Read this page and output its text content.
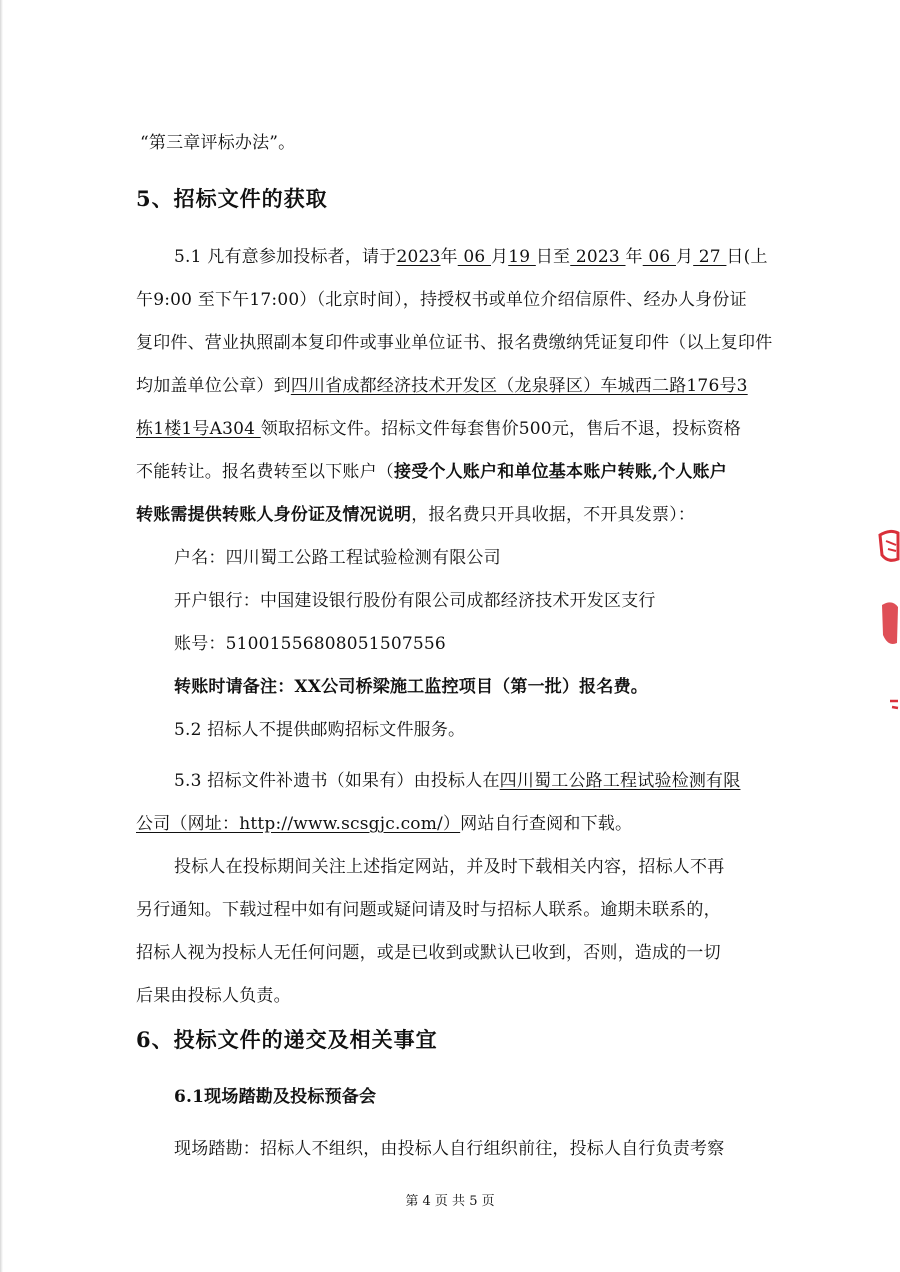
“第三章评标办法”。
5、招标文件的获取
5.1 凡有意参加投标者，请于2023年 06 月19 日至 2023 年 06 月 27 日(上
午9:00 至下午17:00）（北京时间），持授权书或单位介绍信原件、经办人身份证
复印件、营业执照副本复印件或事业单位证书、报名费缴纳凭证复印件（以上复印件
均加盖单位公章）到四川省成都经济技术开发区（龙泉驿区）车城西二路176号3
栋1楼1号A304 领取招标文件。招标文件每套售价500元，售后不退，投标资格
不能转让。报名费转至以下账户（接受个人账户和单位基本账户转账,个人账户
转账需提供转账人身份证及情况说明，报名费只开具收据，不开具发票）：
户名：四川蜀工公路工程试验检测有限公司
开户银行：中国建设银行股份有限公司成都经济技术开发区支行
账号：51001556808051507556
转账时请备注：XX公司桥梁施工监控项目（第一批）报名费。
5.2 招标人不提供邮购招标文件服务。
5.3 招标文件补遗书（如果有）由投标人在四川蜀工公路工程试验检测有限
公司（网址：http://www.scsgjc.com/）网站自行查阅和下载。
投标人在投标期间关注上述指定网站，并及时下载相关内容，招标人不再
另行通知。下载过程中如有问题或疑问请及时与招标人联系。逾期未联系的，
招标人视为投标人无任何问题，或是已收到或默认已收到，否则，造成的一切
后果由投标人负责。
6、投标文件的递交及相关事宜
6.1现场踏勘及投标预备会
现场踏勘：招标人不组织，由投标人自行组织前往，投标人自行负责考察
第 4 页 共 5 页
